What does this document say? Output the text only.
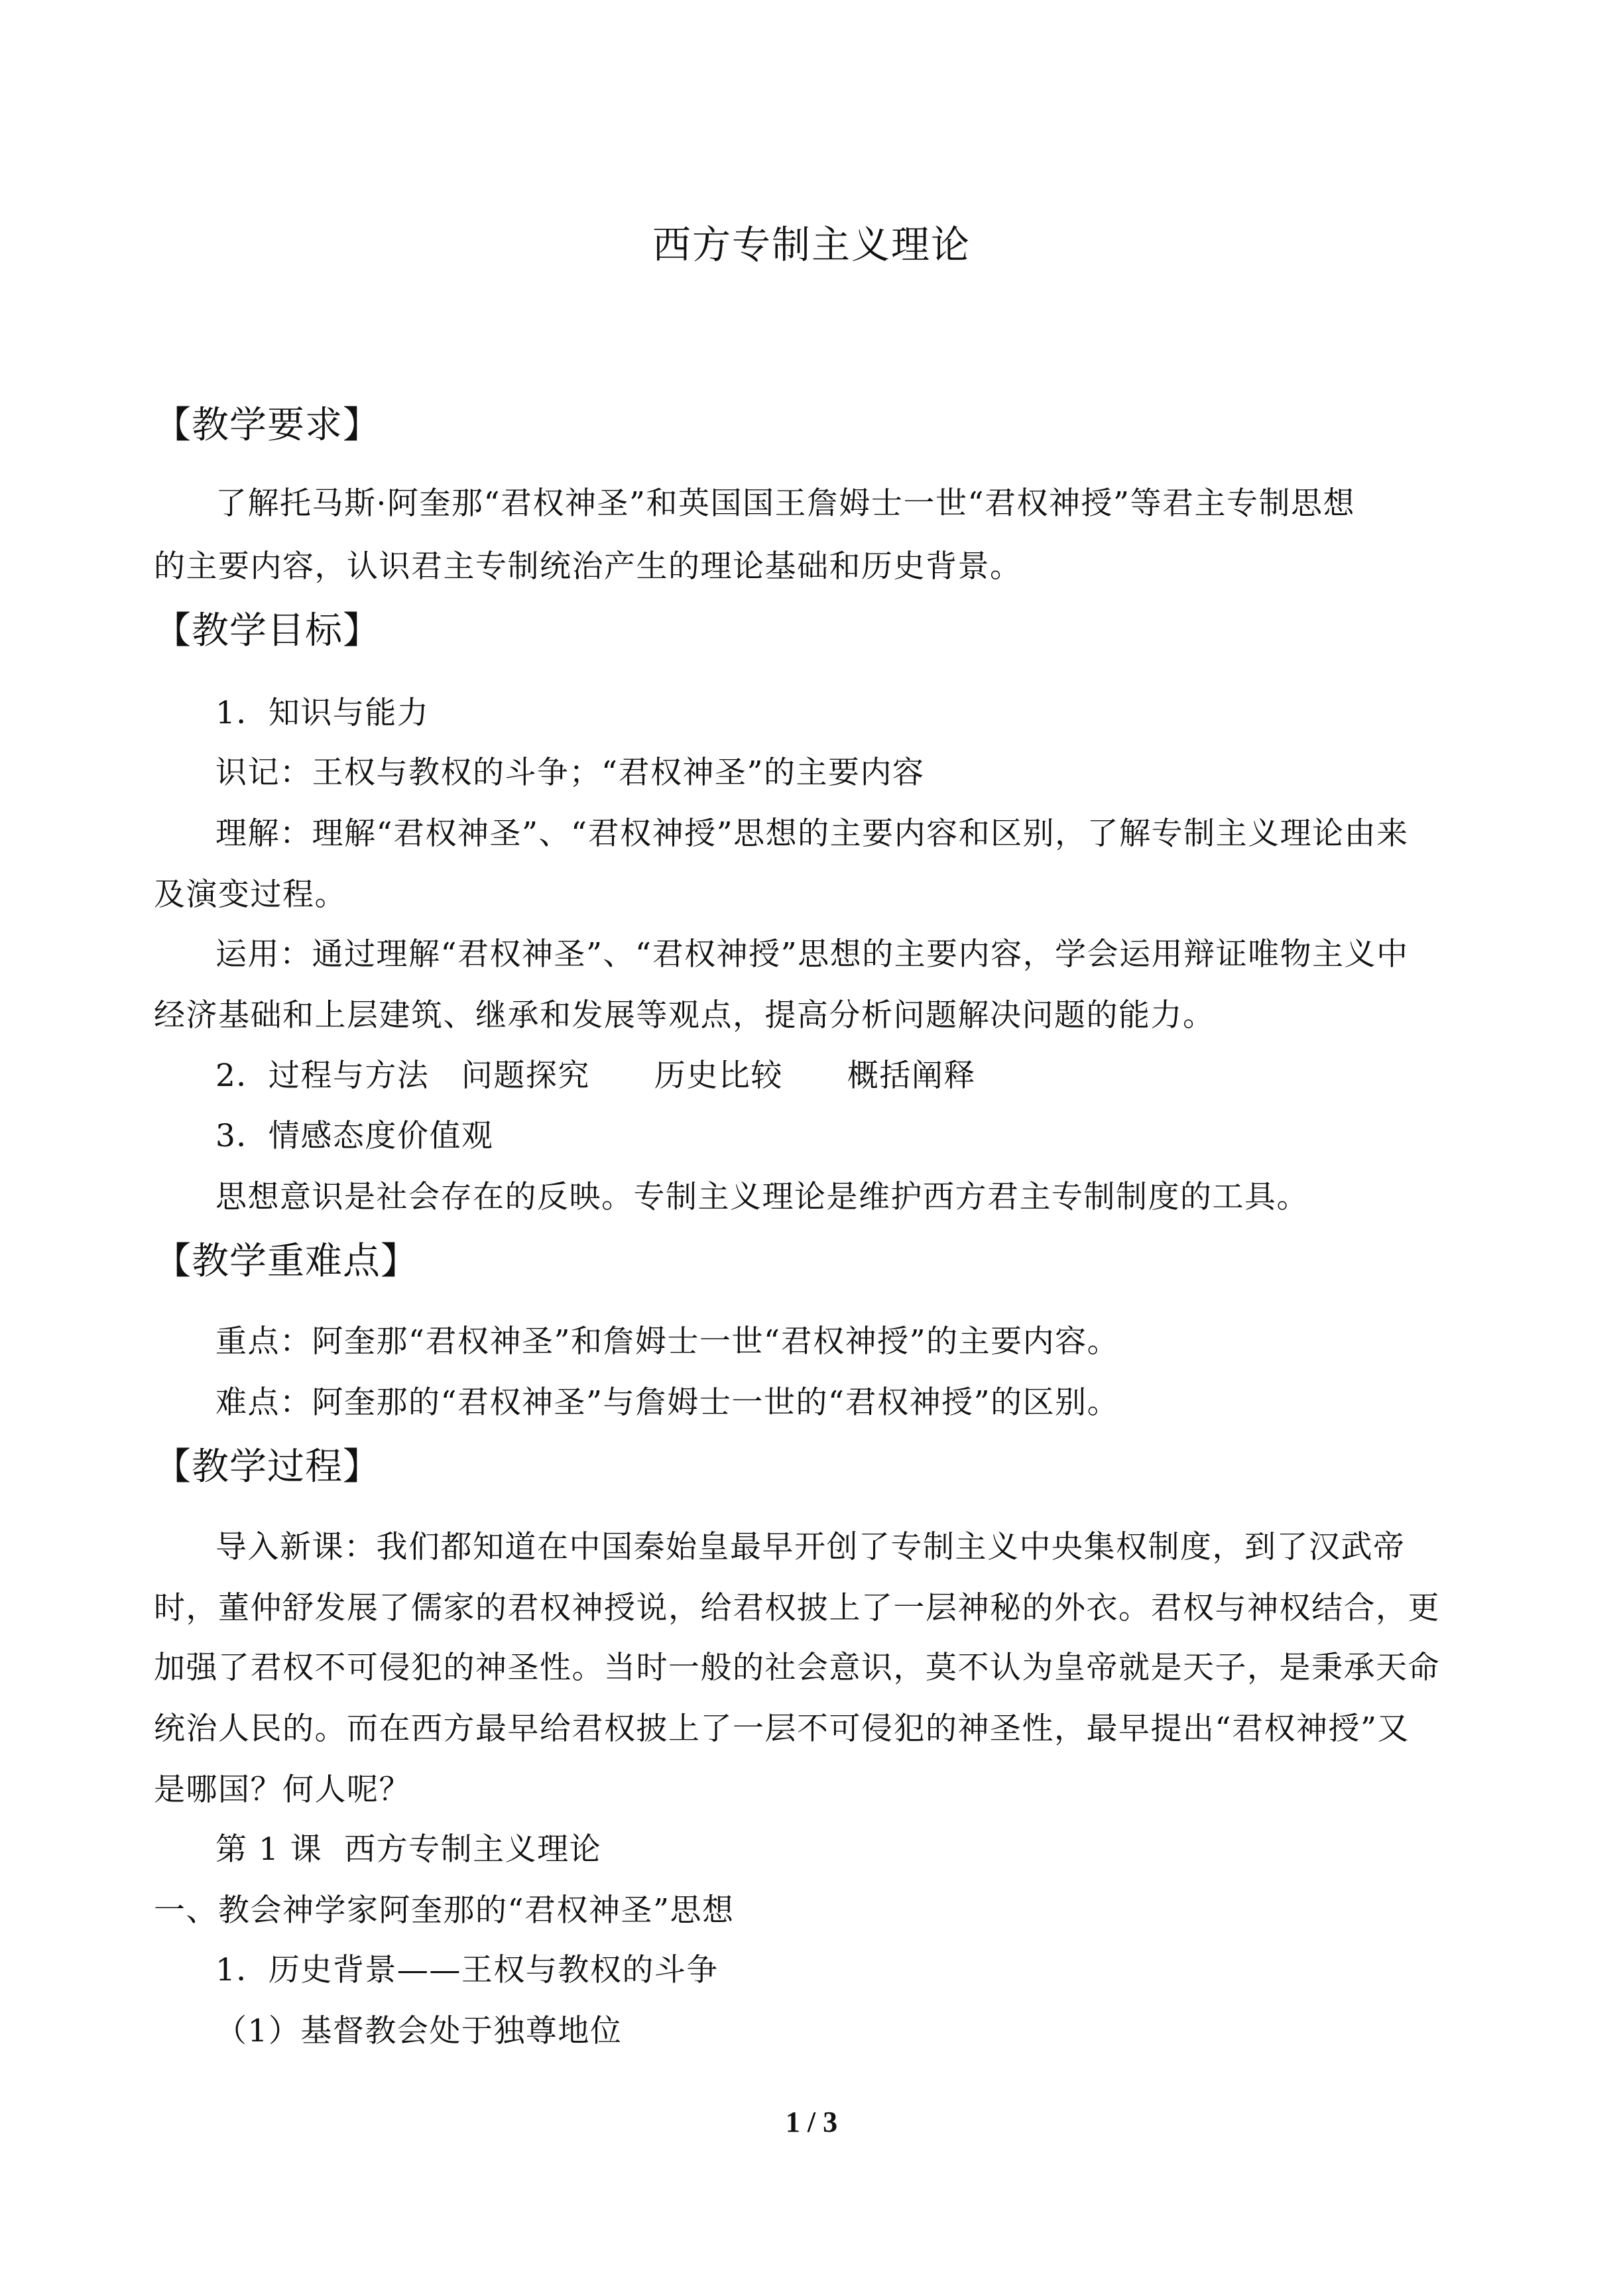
西方专制主义理论
【教学要求】
了解托马斯·阿奎那“君权神圣”和英国国王詹姆士一世“君权神授”等君主专制思想
的主要内容，认识君主专制统治产生的理论基础和历史背景。
【教学目标】
1．知识与能力
识记：王权与教权的斗争；“君权神圣”的主要内容
理解：理解“君权神圣”、“君权神授”思想的主要内容和区别，了解专制主义理论由来
及演变过程。
运用：通过理解“君权神圣”、“君权神授”思想的主要内容，学会运用辩证唯物主义中
经济基础和上层建筑、继承和发展等观点，提高分析问题解决问题的能力。
2．过程与方法　问题探究　　历史比较　　概括阐释
3．情感态度价值观
思想意识是社会存在的反映。专制主义理论是维护西方君主专制制度的工具。
【教学重难点】
重点：阿奎那“君权神圣”和詹姆士一世“君权神授”的主要内容。
难点：阿奎那的“君权神圣”与詹姆士一世的“君权神授”的区别。
【教学过程】
导入新课：我们都知道在中国秦始皇最早开创了专制主义中央集权制度，到了汉武帝
时，董仲舒发展了儒家的君权神授说，给君权披上了一层神秘的外衣。君权与神权结合，更
加强了君权不可侵犯的神圣性。当时一般的社会意识，莫不认为皇帝就是天子，是秉承天命
统治人民的。而在西方最早给君权披上了一层不可侵犯的神圣性，最早提出“君权神授”又
是哪国？何人呢？
第 1 课  西方专制主义理论
一、教会神学家阿奎那的“君权神圣”思想
1．历史背景——王权与教权的斗争
（1）基督教会处于独尊地位
1 / 3
